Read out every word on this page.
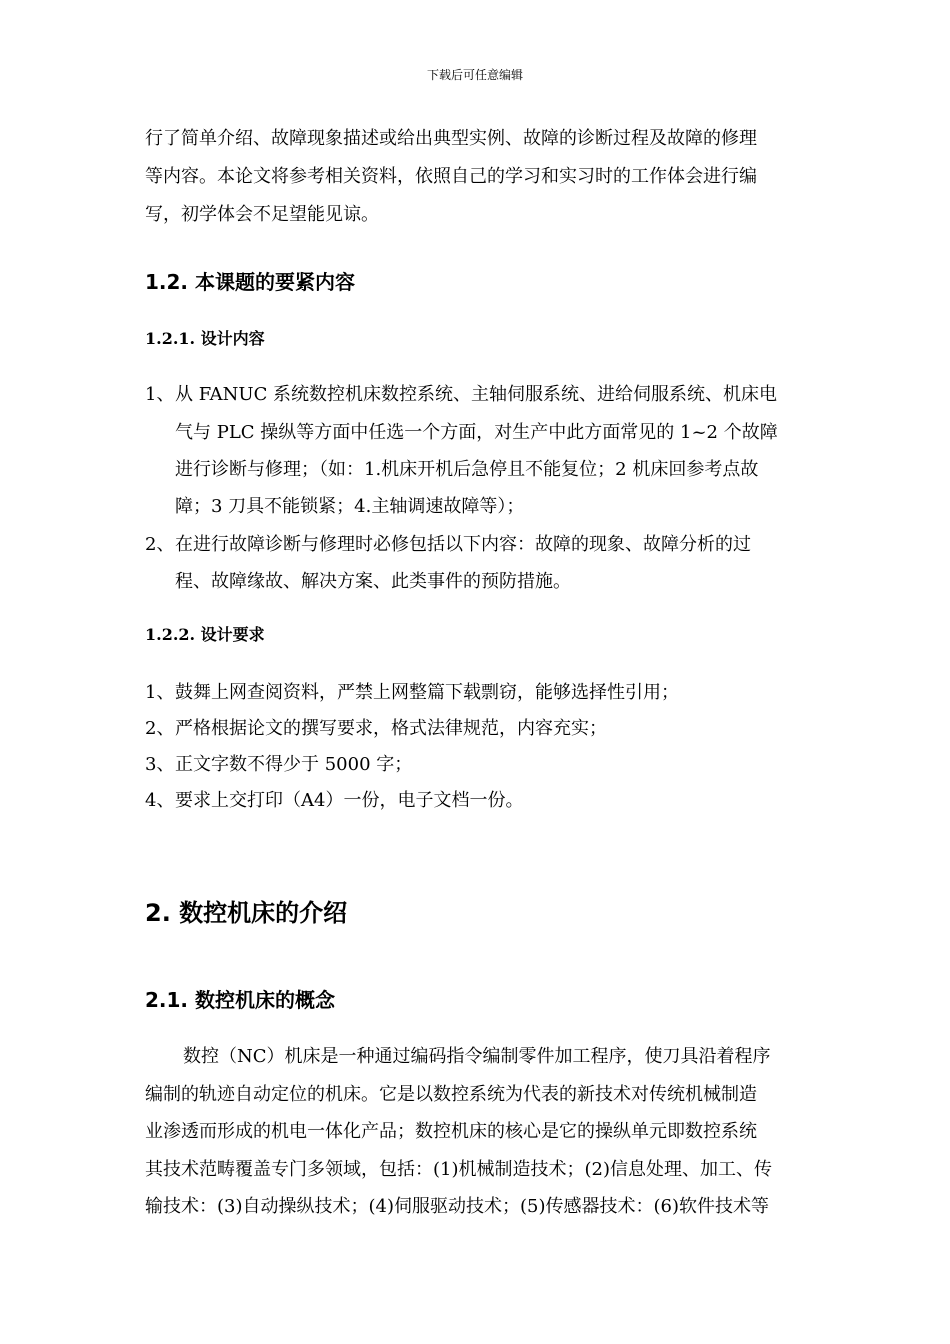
下载后可任意编辑
行了简单介绍、故障现象描述或给出典型实例、故障的诊断过程及故障的修理
等内容。本论文将参考相关资料，依照自己的学习和实习时的工作体会进行编
写，初学体会不足望能见谅。
1.2. 本课题的要紧内容
1.2.1. 设计内容
1、 从 FANUC 系统数控机床数控系统、主轴伺服系统、进给伺服系统、机床电
气与 PLC 操纵等方面中任选一个方面，对生产中此方面常见的 1~2 个故障
进行诊断与修理；（如：1.机床开机后急停且不能复位；2 机床回参考点故
障；3 刀具不能锁紧；4.主轴调速故障等）；
2、 在进行故障诊断与修理时必修包括以下内容：故障的现象、故障分析的过
程、故障缘故、解决方案、此类事件的预防措施。
1.2.2. 设计要求
1、 鼓舞上网查阅资料，严禁上网整篇下载剽窃，能够选择性引用；
2、 严格根据论文的撰写要求，格式法律规范，内容充实；
3、 正文字数不得少于 5000 字；
4、 要求上交打印（A4）一份，电子文档一份。
2. 数控机床的介绍
2.1. 数控机床的概念
数控（NC）机床是一种通过编码指令编制零件加工程序，使刀具沿着程序
编制的轨迹自动定位的机床。它是以数控系统为代表的新技术对传统机械制造
业渗透而形成的机电一体化产品；数控机床的核心是它的操纵单元即数控系统
其技术范畴覆盖专门多领域，包括：(1)机械制造技术；(2)信息处理、加工、传
输技术：(3)自动操纵技术；(4)伺服驱动技术；(5)传感器技术：(6)软件技术等
